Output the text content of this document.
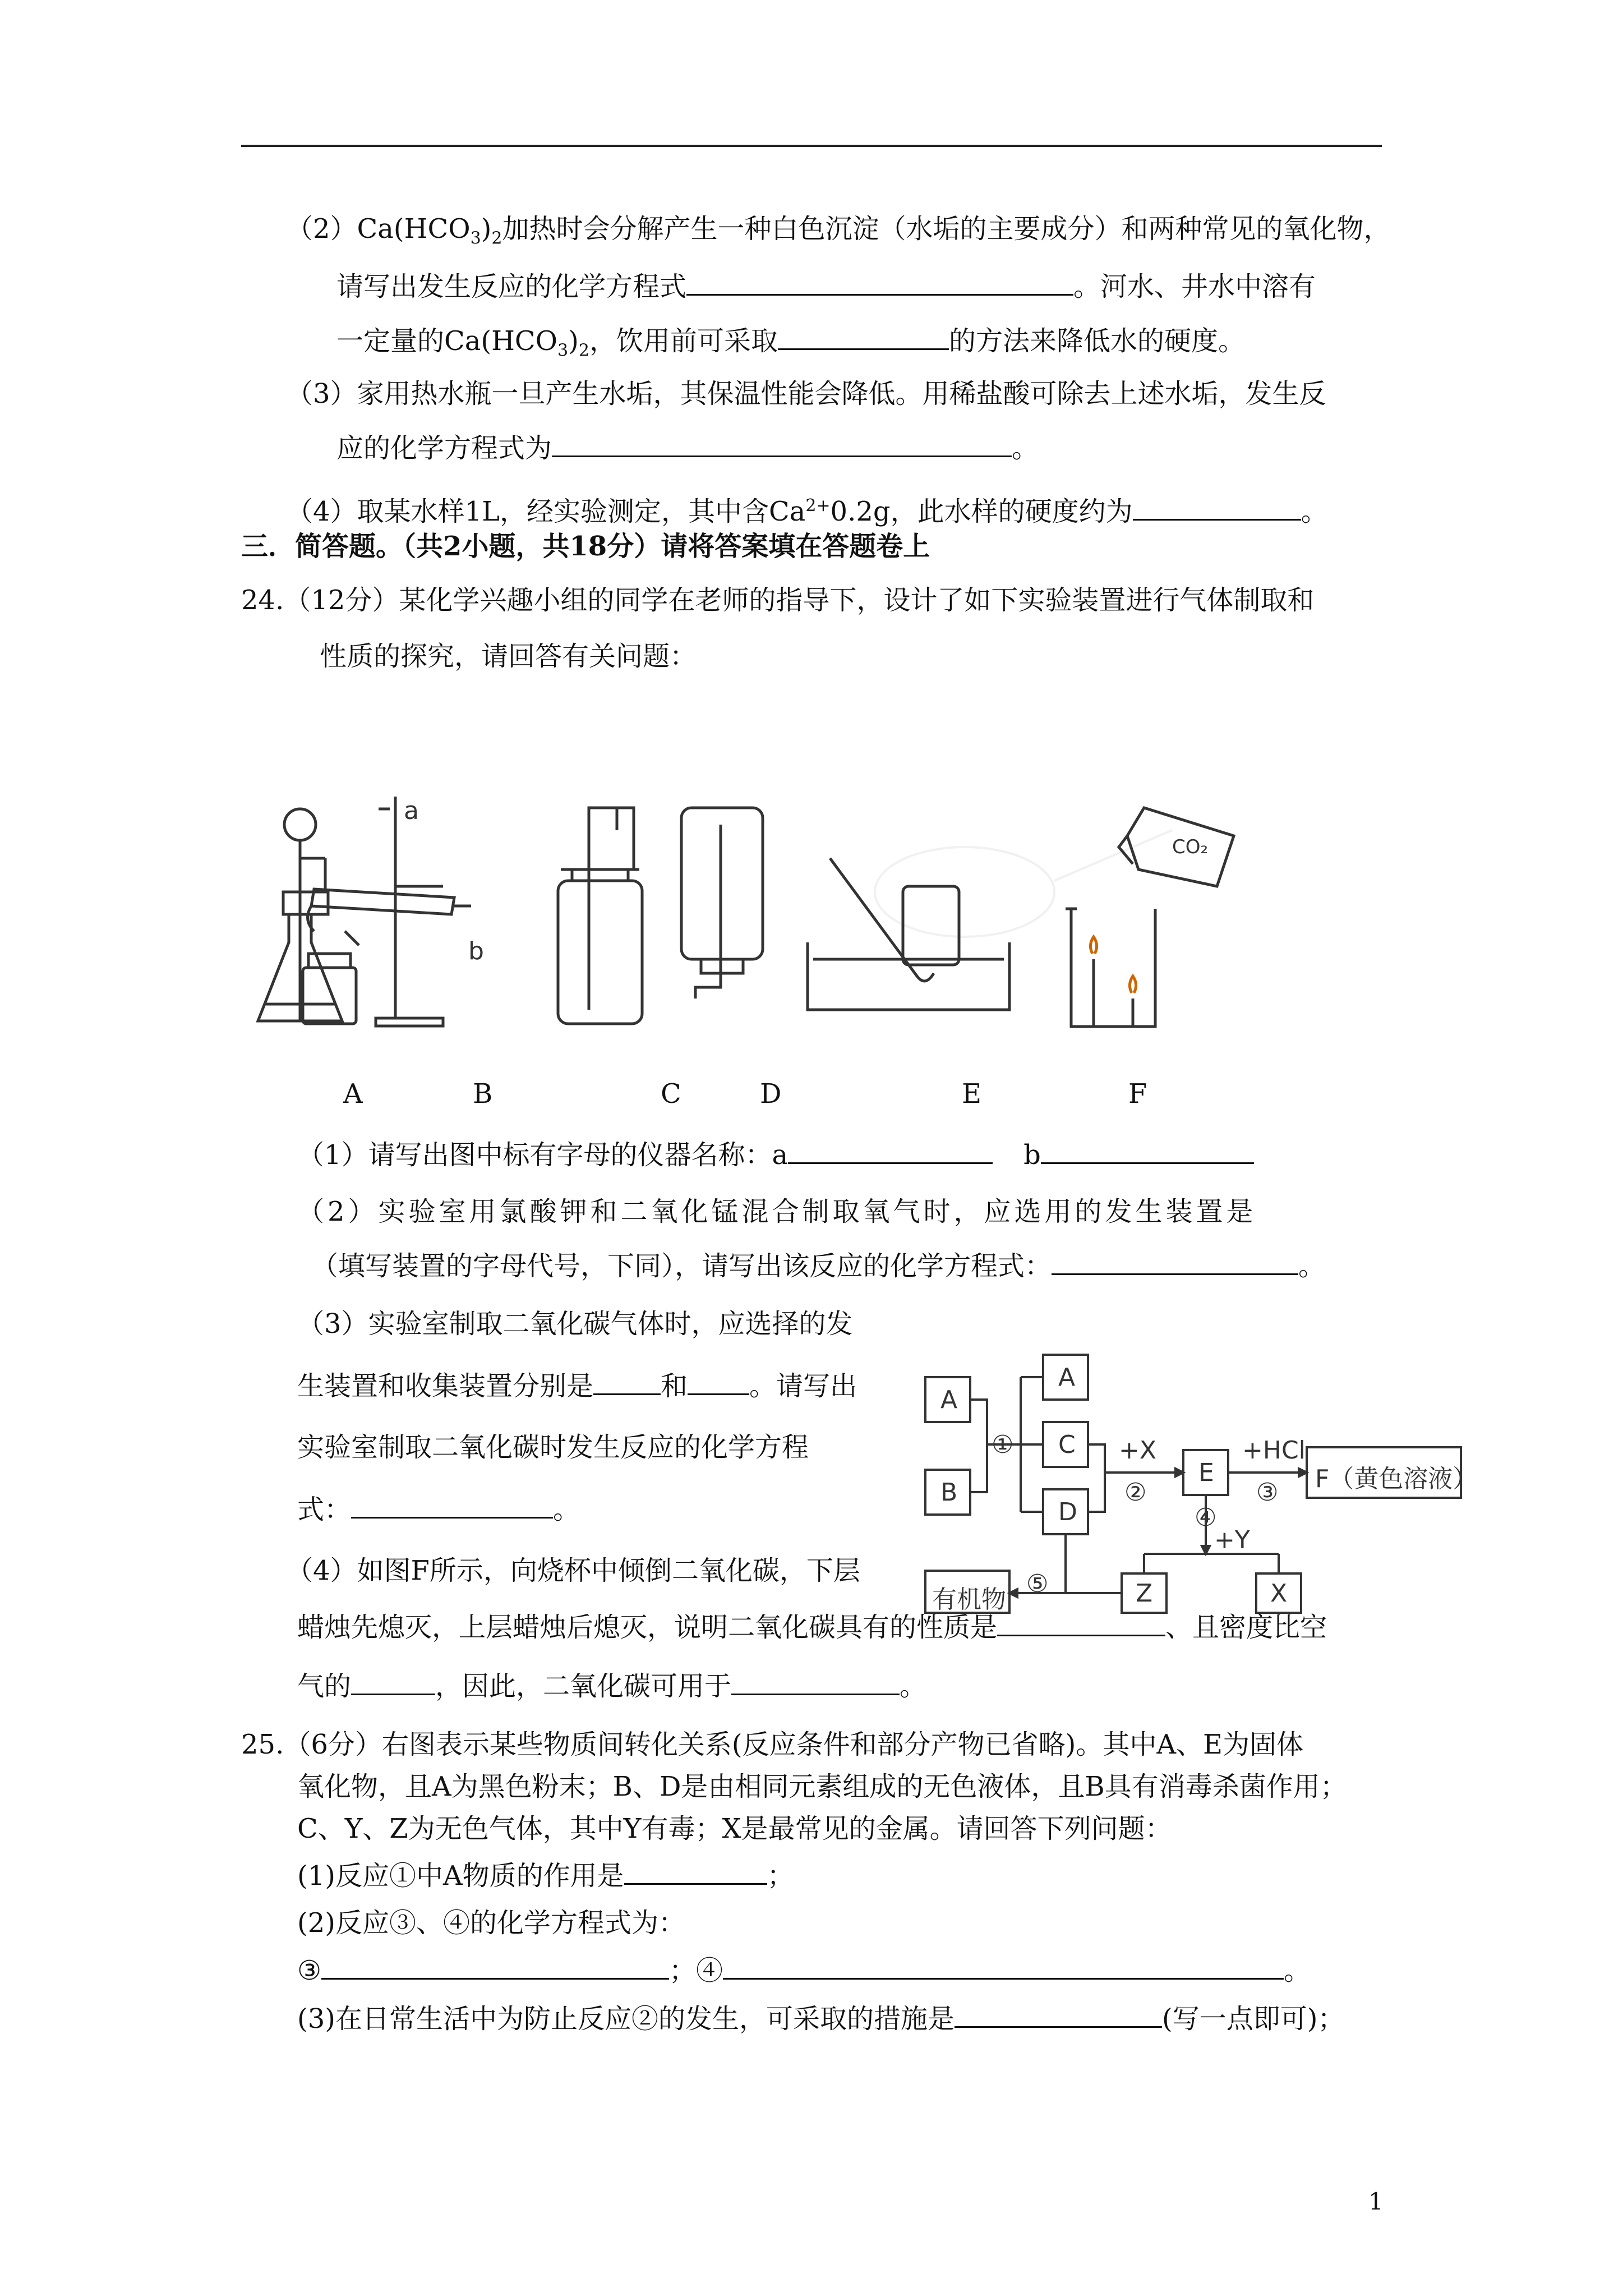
$(2)Ca(HCO_3)_2$加热时会分解产生一种白色沉淀（水垢的主要成分）和两种常见的氧化物，
请写出发生反应的化学方程式	。河水、井水中溶有
一定量的$Ca(HCO_3)_2$，饮用前可采取	的方法来降低水的硬度。
（3）家用热水瓶一旦产生水垢，其保温性能会降低。用稀盐酸可除去上述水垢，发生反
应的化学方程式为	。
（4）取某水样1L，经实验测定，其中含$Ca^{2+}0.2g$，此水样的硬度约为	。
三．简答题。（共2小题，共18分）请将答案填在答题卷上
24.（12分）某化学兴趣小组的同学在老师的指导下，设计了如下实验装置进行气体制取和
性质的探究，请回答有关问题：
a
b
CO₂
A	B	C	D	E	F
（1）请写出图中标有字母的仪器名称：a	b
（2）实验室用氯酸钾和二氧化锰混合制取氧气时，应选用的发生装置是
（填写装置的字母代号，下同），请写出该反应的化学方程式：	。
（3）实验室制取二氧化碳气体时，应选择的发
生装置和收集装置分别是	和 。请写出
实验室制取二氧化碳时发生反应的化学方程
式：	。
A
B
A
C
D
E	F（黄色溶液）
Z	X
有机物
①	+X
②
+HCl
③
④
+Y
⑤
（4）如图F所示，向烧杯中倾倒二氧化碳，下层
蜡烛先熄灭，上层蜡烛后熄灭，说明二氧化碳具有的性质是	、且密度比空
气的	，因此，二氧化碳可用于	。
25.（6分）右图表示某些物质间转化关系(反应条件和部分产物已省略)。其中A、E为固体
氧化物，且A为黑色粉末；B、D是由相同元素组成的无色液体，且B具有消毒杀菌作用；
C、Y、Z为无色气体，其中Y有毒；X是最常见的金属。请回答下列问题：
(1)反应①中A物质的作用是	；
(2)反应③、④的化学方程式为：
③	；④	。
(3)在日常生活中为防止反应②的发生，可采取的措施是	(写一点即可)；
1
